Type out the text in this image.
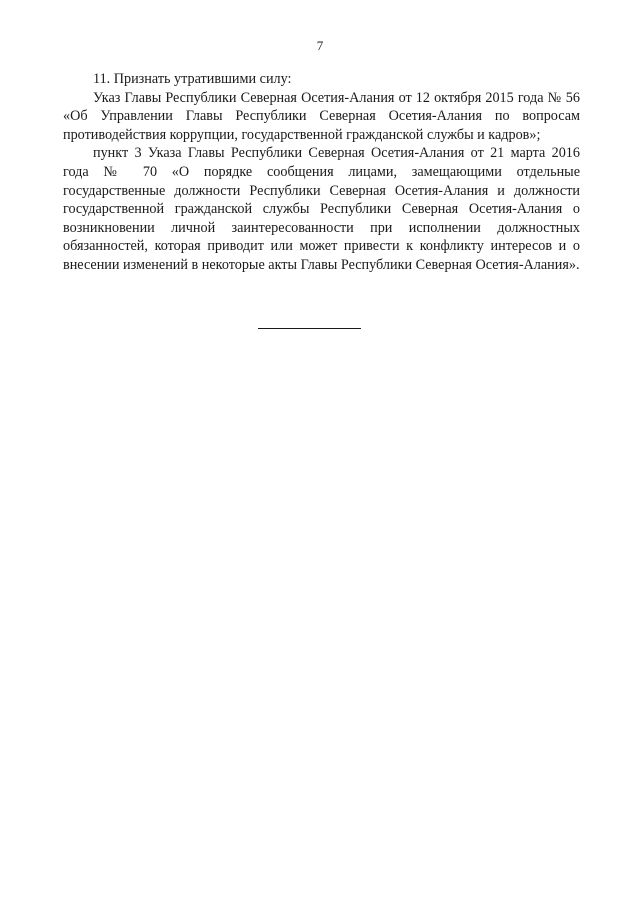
7

11. Признать утратившими силу:

Указ Главы Республики Северная Осетия-Алания от 12 октября 2015 года № 56 «Об Управлении Главы Республики Северная Осетия-Алания по вопросам противодействия коррупции, государственной гражданской службы и кадров»;

пункт 3 Указа Главы Республики Северная Осетия-Алания от 21 марта 2016 года № 70 «О порядке сообщения лицами, замещающими отдельные государственные должности Республики Северная Осетия-Алания и должности государственной гражданской службы Республики Северная Осетия-Алания о возникновении личной заинтересованности при исполнении должностных обязанностей, которая приводит или может привести к конфликту интересов и о внесении изменений в некоторые акты Главы Республики Северная Осетия-Алания».
